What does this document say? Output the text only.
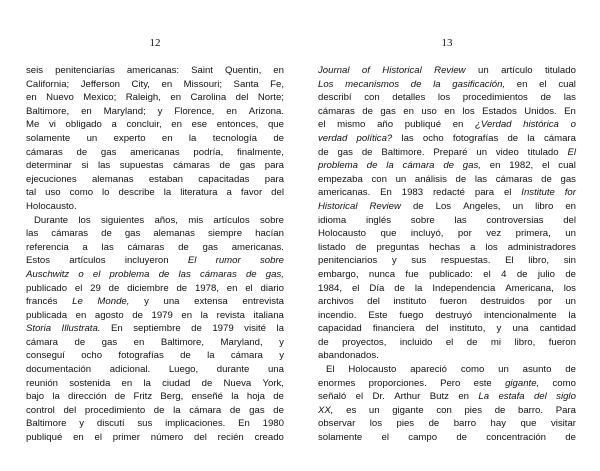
12
seis penitenciarías americanas: Saint Quentin, en
California; Jefferson City, en Missouri; Santa Fe,
en Nuevo Mexico; Raleigh, en Carolina del Norte;
Baltimore, en Maryland; y Florence, en Arizona.
Me vi obligado a concluir, en ese entonces, que
solamente un experto en la tecnología de
cámaras de gas americanas podría, finalmente,
determinar si las supuestas cámaras de gas para
ejecuciones alemanas estaban capacitadas para
tal uso como lo describe la literatura a favor del
Holocausto.
Durante los siguientes años, mis artículos sobre
las cámaras de gas alemanas siempre hacían
referencia a las cámaras de gas americanas.
Estos artículos incluyeron El rumor sobre
Auschwitz o el problema de las cámaras de gas,
publicado el 29 de diciembre de 1978, en el diario
francés Le Monde, y una extensa entrevista
publicada en agosto de 1979 en la revista italiana
Storia Illustrata. En septiembre de 1979 visité la
cámara de gas en Baltimore, Maryland, y
conseguí ocho fotografías de la cámara y
documentación adicional. Luego, durante una
reunión sostenida en la ciudad de Nueva York,
bajo la dirección de Fritz Berg, enseñé la hoja de
control del procedimiento de la cámara de gas de
Baltimore y discutí sus implicaciones. En 1980
publiqué en el primer número del recién creado
13
Journal of Historical Review un artículo titulado
Los mecanismos de la gasificación, en el cual
describí con detalles los procedimientos de las
cámaras de gas en uso en los Estados Unidos. En
el mismo año publiqué en ¿Verdad histórica o
verdad política? las ocho fotografías de la cámara
de gas de Baltimore. Preparé un video titulado El
problema de la cámara de gas, en 1982, el cual
empezaba con un análisis de las cámaras de gas
americanas. En 1983 redacté para el Institute for
Historical Review de Los Angeles, un libro en
idioma inglés sobre las controversias del
Holocausto que incluyó, por vez primera, un
listado de preguntas hechas a los administradores
penitenciarios y sus respuestas. El libro, sin
embargo, nunca fue publicado: el 4 de julio de
1984, el Día de la Independencia Americana, los
archivos del instituto fueron destruidos por un
incendio. Este fuego destruyó intencionalmente la
capacidad financiera del instituto, y una cantidad
de proyectos, incluido el de mi libro, fueron
abandonados.
El Holocausto apareció como un asunto de
enormes proporciones. Pero este gigante, como
señaló el Dr. Arthur Butz en La estafa del siglo
XX, es un gigante con pies de barro. Para
observar los pies de barro hay que visitar
solamente el campo de concentración de
